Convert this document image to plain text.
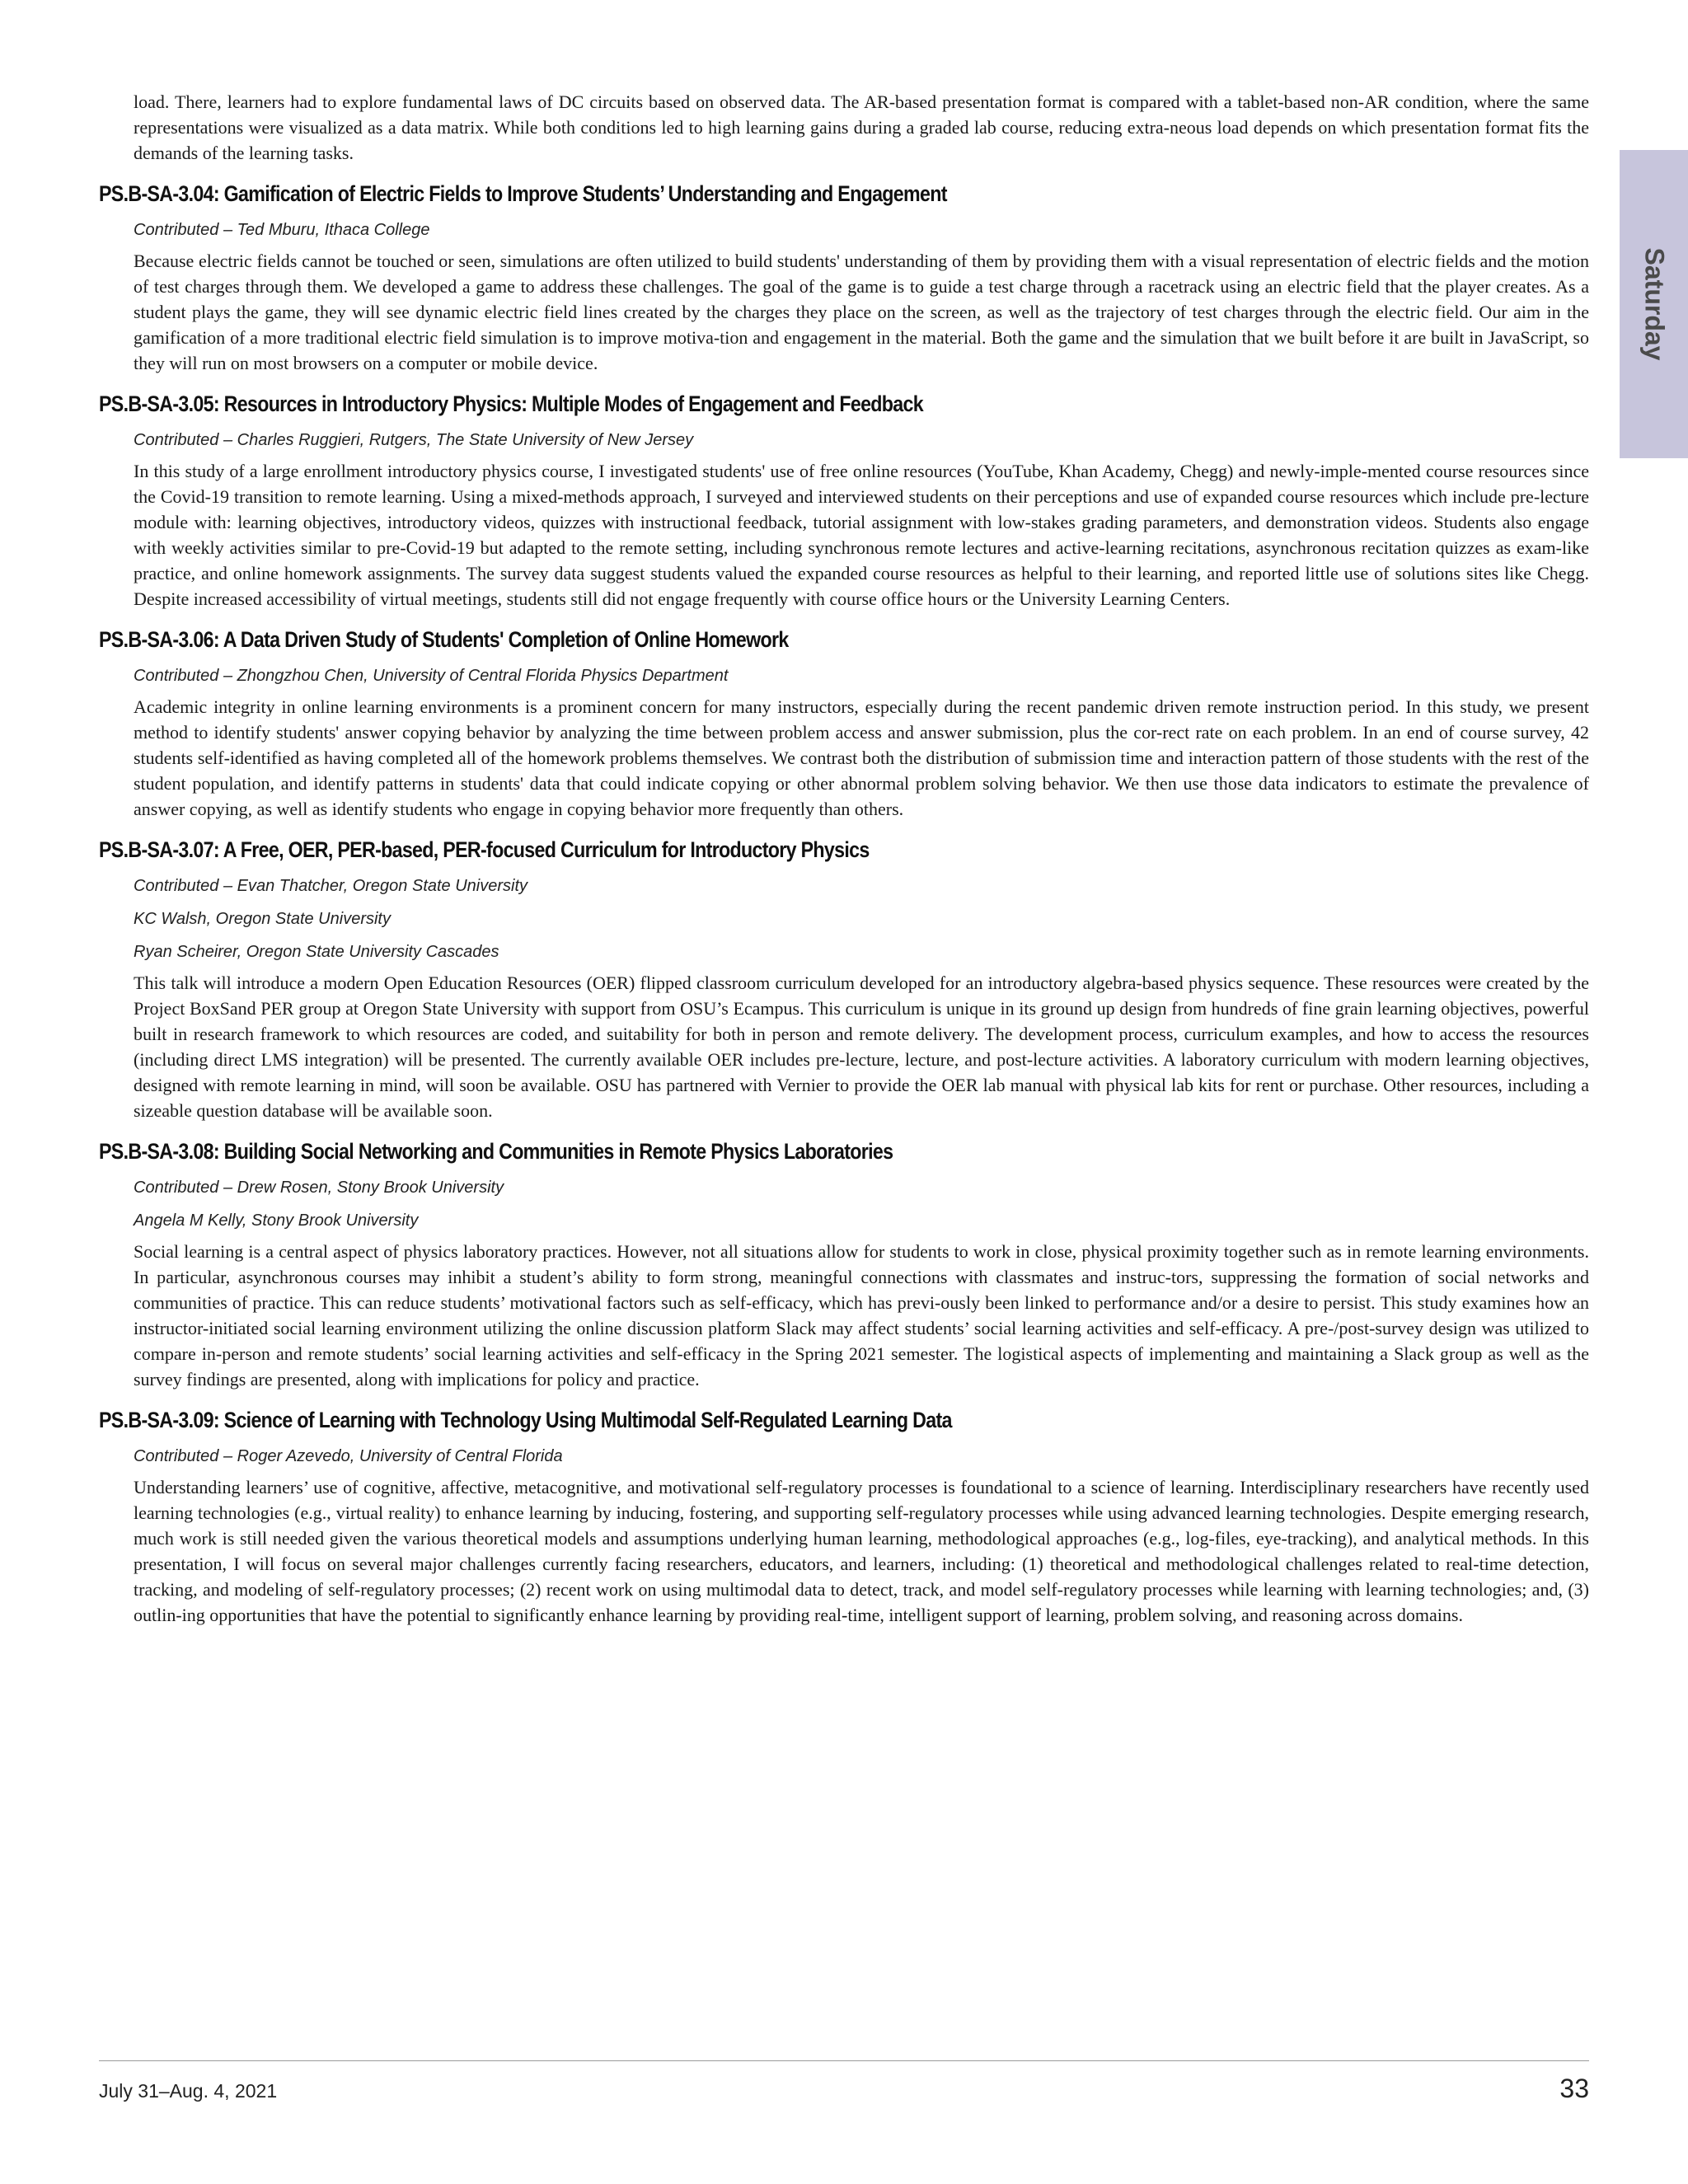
load. There, learners had to explore fundamental laws of DC circuits based on observed data. The AR-based presentation format is compared with a tablet-based non-AR condition, where the same representations were visualized as a data matrix. While both conditions led to high learning gains during a graded lab course, reducing extra-neous load depends on which presentation format fits the demands of the learning tasks.

PS.B-SA-3.04: Gamification of Electric Fields to Improve Students’ Understanding and Engagement
Contributed – Ted Mburu, Ithaca College

Because electric fields cannot be touched or seen, simulations are often utilized to build students' understanding of them by providing them with a visual representation of electric fields and the motion of test charges through them. We developed a game to address these challenges. The goal of the game is to guide a test charge through a racetrack using an electric field that the player creates. As a student plays the game, they will see dynamic electric field lines created by the charges they place on the screen, as well as the trajectory of test charges through the electric field. Our aim in the gamification of a more traditional electric field simulation is to improve motiva-tion and engagement in the material. Both the game and the simulation that we built before it are built in JavaScript, so they will run on most browsers on a computer or mobile device.

PS.B-SA-3.05: Resources in Introductory Physics: Multiple Modes of Engagement and Feedback
Contributed – Charles Ruggieri, Rutgers, The State University of New Jersey

In this study of a large enrollment introductory physics course, I investigated students' use of free online resources (YouTube, Khan Academy, Chegg) and newly-imple-mented course resources since the Covid-19 transition to remote learning. Using a mixed-methods approach, I surveyed and interviewed students on their perceptions and use of expanded course resources which include pre-lecture module with: learning objectives, introductory videos, quizzes with instructional feedback, tutorial assignment with low-stakes grading parameters, and demonstration videos. Students also engage with weekly activities similar to pre-Covid-19 but adapted to the remote setting, including synchronous remote lectures and active-learning recitations, asynchronous recitation quizzes as exam-like practice, and online homework assignments. The survey data suggest students valued the expanded course resources as helpful to their learning, and reported little use of solutions sites like Chegg. Despite increased accessibility of virtual meetings, students still did not engage frequently with course office hours or the University Learning Centers.

PS.B-SA-3.06: A Data Driven Study of Students' Completion of Online Homework
Contributed – Zhongzhou Chen, University of Central Florida Physics Department

Academic integrity in online learning environments is a prominent concern for many instructors, especially during the recent pandemic driven remote instruction period. In this study, we present method to identify students' answer copying behavior by analyzing the time between problem access and answer submission, plus the cor-rect rate on each problem. In an end of course survey, 42 students self-identified as having completed all of the homework problems themselves. We contrast both the distribution of submission time and interaction pattern of those students with the rest of the student population, and identify patterns in students' data that could indicate copying or other abnormal problem solving behavior. We then use those data indicators to estimate the prevalence of answer copying, as well as identify students who engage in copying behavior more frequently than others.

PS.B-SA-3.07: A Free, OER, PER-based, PER-focused Curriculum for Introductory Physics
Contributed – Evan Thatcher, Oregon State University
KC Walsh, Oregon State University
Ryan Scheirer, Oregon State University Cascades

This talk will introduce a modern Open Education Resources (OER) flipped classroom curriculum developed for an introductory algebra-based physics sequence. These resources were created by the Project BoxSand PER group at Oregon State University with support from OSU’s Ecampus. This curriculum is unique in its ground up design from hundreds of fine grain learning objectives, powerful built in research framework to which resources are coded, and suitability for both in person and remote delivery. The development process, curriculum examples, and how to access the resources (including direct LMS integration) will be presented. The currently available OER includes pre-lecture, lecture, and post-lecture activities. A laboratory curriculum with modern learning objectives, designed with remote learning in mind, will soon be available. OSU has partnered with Vernier to provide the OER lab manual with physical lab kits for rent or purchase. Other resources, including a sizeable question database will be available soon.

PS.B-SA-3.08: Building Social Networking and Communities in Remote Physics Laboratories
Contributed – Drew Rosen, Stony Brook University
Angela M Kelly, Stony Brook University

Social learning is a central aspect of physics laboratory practices. However, not all situations allow for students to work in close, physical proximity together such as in remote learning environments. In particular, asynchronous courses may inhibit a student’s ability to form strong, meaningful connections with classmates and instruc-tors, suppressing the formation of social networks and communities of practice. This can reduce students’ motivational factors such as self-efficacy, which has previ-ously been linked to performance and/or a desire to persist. This study examines how an instructor-initiated social learning environment utilizing the online discussion platform Slack may affect students’ social learning activities and self-efficacy. A pre-/post-survey design was utilized to compare in-person and remote students’ social learning activities and self-efficacy in the Spring 2021 semester. The logistical aspects of implementing and maintaining a Slack group as well as the survey findings are presented, along with implications for policy and practice.

PS.B-SA-3.09: Science of Learning with Technology Using Multimodal Self-Regulated Learning Data
Contributed – Roger Azevedo, University of Central Florida

Understanding learners’ use of cognitive, affective, metacognitive, and motivational self-regulatory processes is foundational to a science of learning. Interdisciplinary researchers have recently used learning technologies (e.g., virtual reality) to enhance learning by inducing, fostering, and supporting self-regulatory processes while using advanced learning technologies. Despite emerging research, much work is still needed given the various theoretical models and assumptions underlying human learning, methodological approaches (e.g., log-files, eye-tracking), and analytical methods. In this presentation, I will focus on several major challenges currently facing researchers, educators, and learners, including: (1) theoretical and methodological challenges related to real-time detection, tracking, and modeling of self-regulatory processes; (2) recent work on using multimodal data to detect, track, and model self-regulatory processes while learning with learning technologies; and, (3) outlin-ing opportunities that have the potential to significantly enhance learning by providing real-time, intelligent support of learning, problem solving, and reasoning across domains.

Saturday
July 31–Aug. 4, 2021	33
